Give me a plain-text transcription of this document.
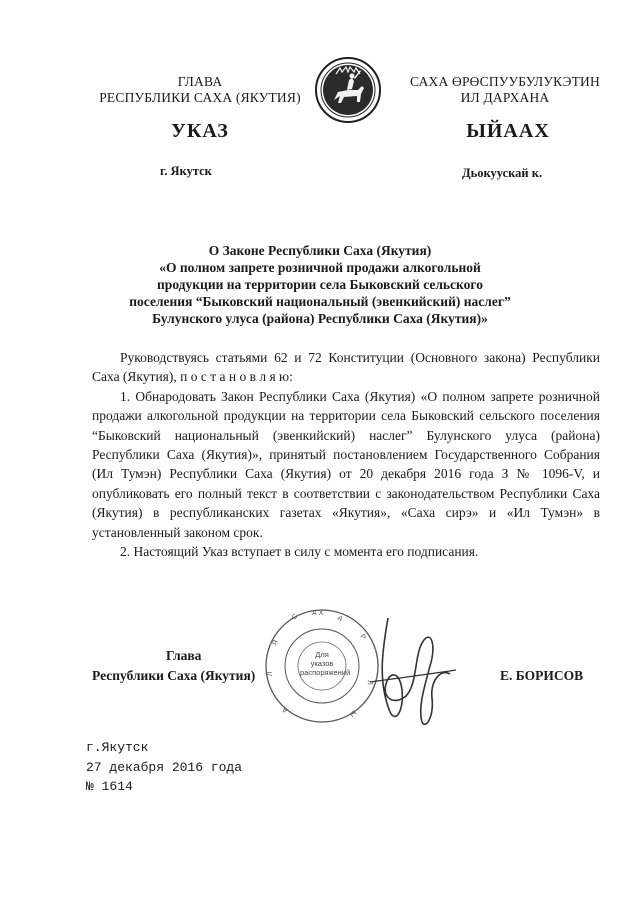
ГЛАВА
РЕСПУБЛИКИ САХА (ЯКУТИЯ)
САХА ӨРӨСПУУБУЛУКЭТИН
ИЛ ДАРХАНА
УКАЗ	ЫЙААХ
г. Якутск	Дьокуускай к.
О Законе Республики Саха (Якутия)
«О полном запрете розничной продажи алкогольной
продукции на территории села Быковский сельского
поселения “Быковский национальный (эвенкийский) наслег”
Булунского улуса (района) Республики Саха (Якутия)»

Руководствуясь статьями 62 и 72 Конституции (Основного закона) Республики Саха (Якутия), п о с т а н о в л я ю:

1. Обнародовать Закон Республики Саха (Якутия) «О полном запрете розничной продажи алкогольной продукции на территории села Быковский сельского поселения “Быковский национальный (эвенкийский) наслег” Булунского улуса (района) Республики Саха (Якутия)», принятый постановлением Государственного Собрания (Ил Тумэн) Республики Саха (Якутия) от 20 декабря 2016 года З № 1096-V, и опубликовать его полный текст в соответствии с законодательством Республики Саха (Якутия) в республиканских газетах «Якутия», «Саха сирэ» и «Ил Тумэн» в установленный законом срок.

2. Настоящий Указ вступает в силу с момента его подписания.

С А Х
А
Р
Я
Л
Л
А	Ы
Для
указов
распоряжений
Глава
Республики Саха (Якутия)	Е. БОРИСОВ
г.Якутск
27 декабря 2016 года
№ 1614
